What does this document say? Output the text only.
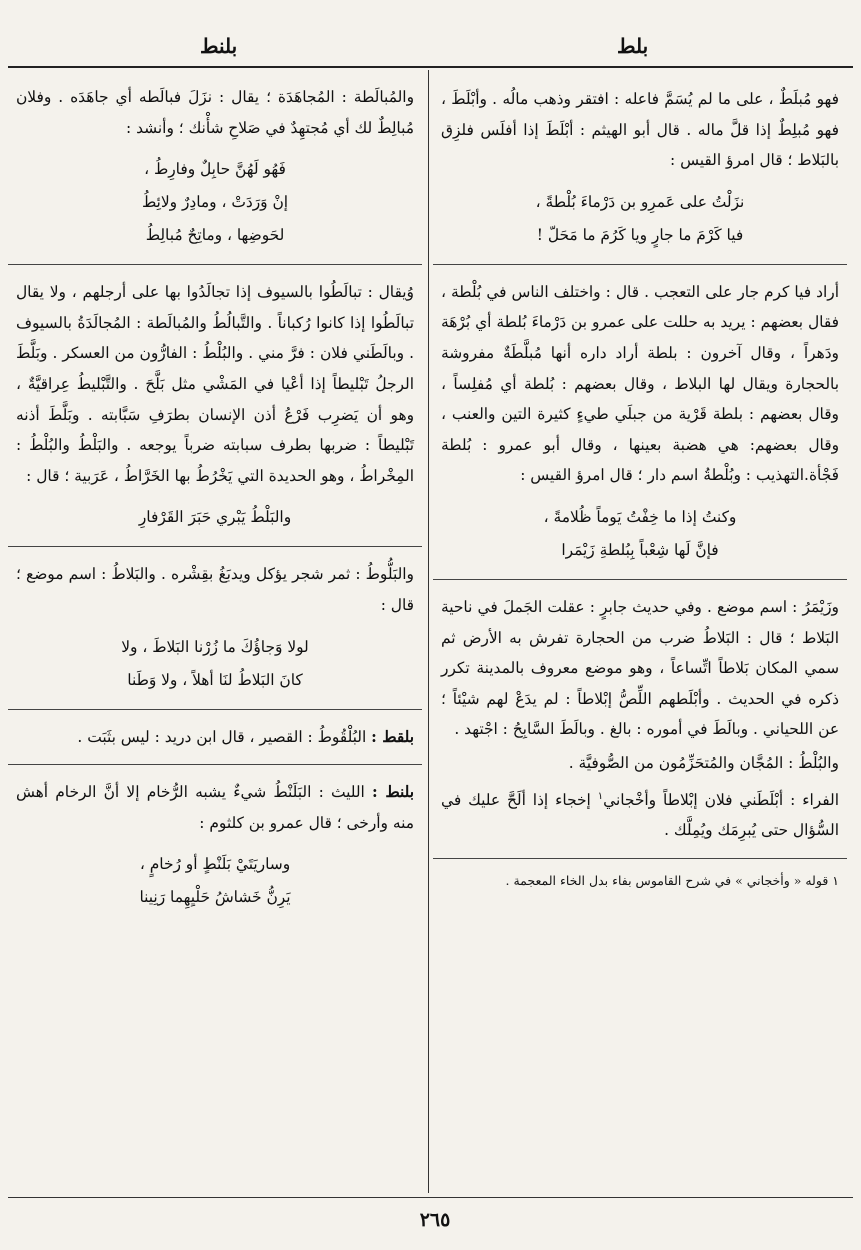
بلنط	بلط

والمُبالَطة : المُجاهَدَة ؛ يقال : نزَلَ فبالَطه أي جاهَدَه . وفلان مُبالِطٌ لك أي مُجتهِدٌ في صَلاحِ شأْنك ؛ وأنشد :

فَهُو لَهُنَّ حابِلٌ وفارِطُ ،
إنْ وَرَدَتْ ، ومادِرٌ ولائِطُ
لحَوضِها ، وماتِحٌ مُبالِطُ

وُيقال : تبالَطُوا بالسيوف إذا تجالَدُوا بها على أرجلهم ، ولا يقال تبالَطُوا إذا كانوا رُكباناً . والتَّبالُطُ والمُبالَطة : المُجالَدَةُ بالسيوف . وبالَطَني فلان : فرَّ مني . والبُلْطُ : الفارُّون من العسكر . وبَلَّطَ الرجلُ تَبْليطاً إذا أعْيا في المَشْي مثل بَلَّحَ . والتَّبْليطُ عِراقيَّةٌ ، وهو أن يَضرِب فَرْعُ أذن الإنسان بطرَفِ سَبَّابته . وبَلَّطَ أذنه تَبْليطاً : ضربها بطرف سبابته ضرباً يوجعه . والبَلْطُ والبُلْطُ : المِخْراطُ ، وهو الحديدة التي يَخْرُطُ بها الخَرَّاطُ ، عَرَبية ؛ قال :

والبَلْطُ يَبْري حَبَرَ القَرْفارِ

والبَلُّوطُ : ثمر شجر يؤكل ويدبَغُ بقِشْره . والبَلاطُ : اسم موضع ؛ قال :

لولا وَجاؤُكَ ما زُرْنا البَلاطَ ، ولا
كانَ البَلاطُ لنَا أهلاً ، ولا وَطَنا

بلقط : البُلْقُوطُ : القصير ، قال ابن دريد : ليس بثَبَت .

بلنط : الليث : البَلَنْطُ شيءٌ يشبه الرُّخام إلا أنَّ الرخام أهش منه وأرخى ؛ قال عمرو بن كلثوم :

وساريَتَيْ بَلَنْطٍ أو رُخامٍ ،
يَرِنُّ خَشاشُ حَلْيِهِما رَنِينا

فهو مُبلَطٌ ، على ما لم يُسَمَّ فاعله : افتقر وذهب مالُه . وأبْلَطَ ، فهو مُبلِطٌ إذا قلَّ ماله . قال أبو الهيثم : أبْلَطَ إذا أفلَس فلزِق بالبَلاط ؛ قال امرؤ القيس :

نزَلْتُ على عَمرِو بن دَرْماءَ بُلْطةً ،
فيا كَرْمَ ما جارٍ ويا كَرُمَ ما مَحَلّ !

أراد فيا كرم جار على التعجب . قال : واختلف الناس في بُلْطة ، فقال بعضهم : يريد به حللت على عمرو بن دَرْماءَ بُلطة أي بُرْهَة ودَهراً ، وقال آخرون : بلطة أراد داره أنها مُبلَّطَةٌ مفروشة بالحجارة ويقال لها البلاط ، وقال بعضهم : بُلطة أي مُفلِساً ، وقال بعضهم : بلطة قَرْية من جبلَي طيءٍ كثيرة التين والعنب ، وقال بعضهم: هي هضبة بعينها ، وقال أبو عمرو : بُلطة فَجْأة.التهذيب : وبُلْطةُ اسم دار ؛ قال امرؤ القيس :

وكنتُ إذا ما خِفْتُ يَوماً ظُلامةً ،
فإنَّ لَها شِعْباً بِبُلطةِ زَيْمَرا

وزَيْمَرُ : اسم موضع . وفي حديث جابرٍ : عقلت الجَملَ في ناحية البَلاط ؛ قال : البَلاطُ ضرب من الحجارة تفرش به الأرض ثم سمي المكان بَلاطاً اتِّساعاً ، وهو موضع معروف بالمدينة تكرر ذكره في الحديث . وأبْلَطهم اللِّصُّ إبْلاطاً : لم يدَعْ لهم شيْئاً ؛ عن اللحياني . وبالَطَ في أموره : بالغ . وبالَطَ السَّابِحُ : اجْتهد .

والبُلْطُ : المُجَّان والمُتحَزِّمُون من الصُّوفيَّة .

الفراء : أبْلَطَني فلان إبْلاطاً وأخْجاني$^١$ إخجاء إذا ألَحَّ عليك في السُّؤال حتى يُبرِمَك ويُمِلَّك .

١ قوله « وأخجاني » في شرح القاموس بفاء بدل الخاء المعجمة .

٢٦٥
